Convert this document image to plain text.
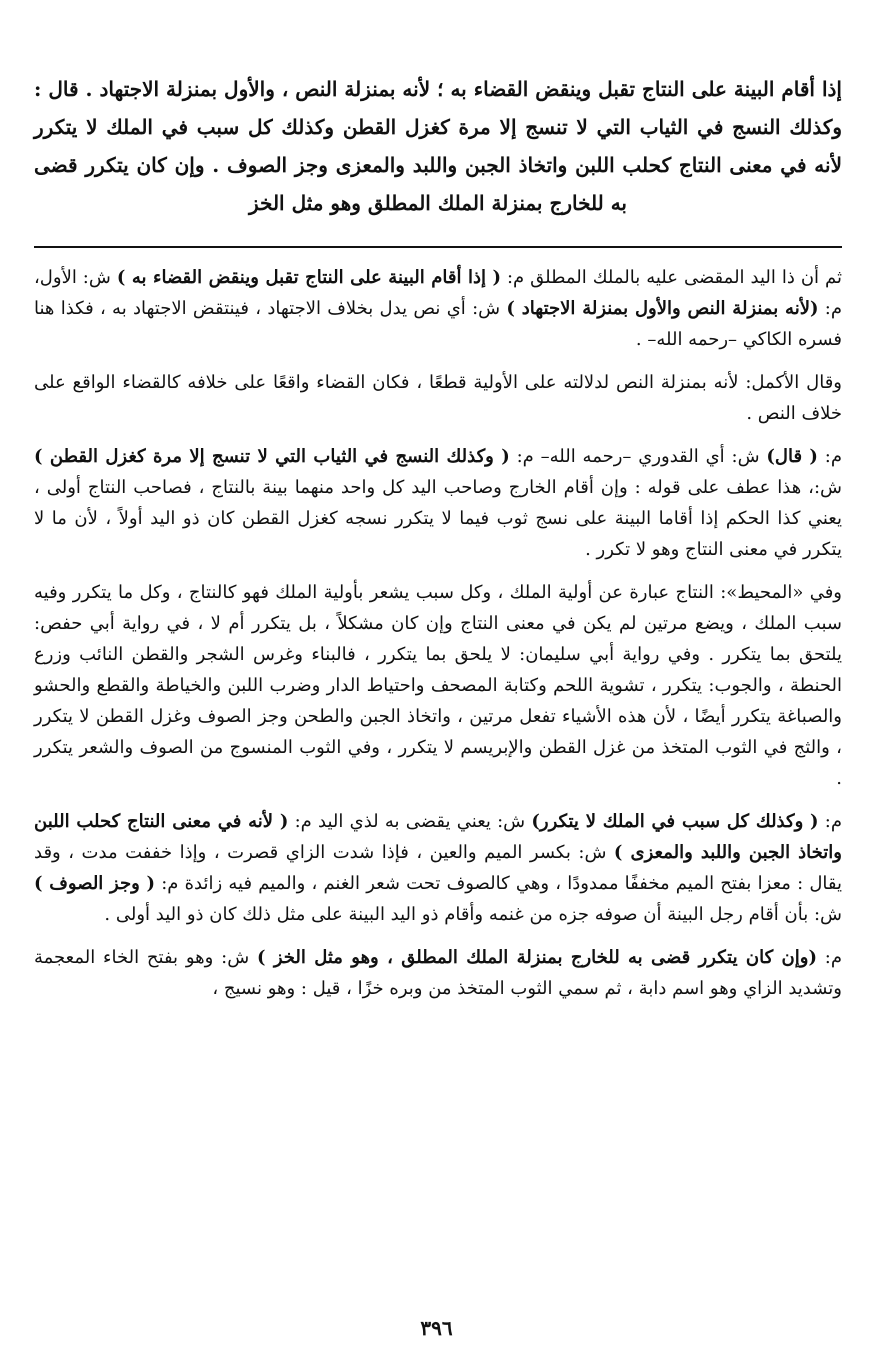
إذا أقام البينة على النتاج تقبل وينقض القضاء به ؛ لأنه بمنزلة النص ، والأول بمنزلة الاجتهاد . قال : وكذلك النسج في الثياب التي لا تنسج إلا مرة كغزل القطن وكذلك كل سبب في الملك لا يتكرر لأنه في معنى النتاج كحلب اللبن واتخاذ الجبن واللبد والمعزى وجز الصوف . وإن كان يتكرر قضى به للخارج بمنزلة الملك المطلق وهو مثل الخز

ثم أن ذا اليد المقضى عليه بالملك المطلق م: ( إذا أقام البينة على النتاج تقبل وينقض القضاء به ) ش: الأول، م: (لأنه بمنزلة النص والأول بمنزلة الاجتهاد ) ش: أي نص يدل بخلاف الاجتهاد ، فينتقض الاجتهاد به ، فكذا هنا فسره الكاكي –رحمه الله– .

وقال الأكمل: لأنه بمنزلة النص لدلالته على الأولية قطعًا ، فكان القضاء واقعًا على خلافه كالقضاء الواقع على خلاف النص .

م: ( قال) ش: أي القدوري –رحمه الله– م: ( وكذلك النسج في الثياب التي لا تنسج إلا مرة كغزل القطن ) ش:، هذا عطف على قوله : وإن أقام الخارج وصاحب اليد كل واحد منهما بينة بالنتاج ، فصاحب النتاج أولى ، يعني كذا الحكم إذا أقاما البينة على نسج ثوب فيما لا يتكرر نسجه كغزل القطن كان ذو اليد أولاً ، لأن ما لا يتكرر في معنى النتاج وهو لا تكرر .

وفي «المحيط»: النتاج عبارة عن أولية الملك ، وكل سبب يشعر بأولية الملك فهو كالنتاج ، وكل ما يتكرر وفيه سبب الملك ، ويضع مرتين لم يكن في معنى النتاج وإن كان مشكلاً ، بل يتكرر أم لا ، في رواية أبي حفص: يلتحق بما يتكرر . وفي رواية أبي سليمان: لا يلحق بما يتكرر ، فالبناء وغرس الشجر والقطن النائب وزرع الحنطة ، والجوب: يتكرر ، تشوية اللحم وكتابة المصحف واحتياط الدار وضرب اللبن والخياطة والقطع والحشو والصباغة يتكرر أيضًا ، لأن هذه الأشياء تفعل مرتين ، واتخاذ الجبن والطحن وجز الصوف وغزل القطن لا يتكرر ، والثج في الثوب المتخذ من غزل القطن والإبريسم لا يتكرر ، وفي الثوب المنسوج من الصوف والشعر يتكرر .

م: ( وكذلك كل سبب في الملك لا يتكرر) ش: يعني يقضى به لذي اليد م: ( لأنه في معنى النتاج كحلب اللبن واتخاذ الجبن واللبد والمعزى ) ش: بكسر الميم والعين ، فإذا شدت الزاي قصرت ، وإذا خففت مدت ، وقد يقال : معزا بفتح الميم مخففًا ممدودًا ، وهي كالصوف تحت شعر الغنم ، والميم فيه زائدة م: ( وجز الصوف ) ش: بأن أقام رجل البينة أن صوفه جزه من غنمه وأقام ذو اليد البينة على مثل ذلك كان ذو اليد أولى .

م: (وإن كان يتكرر قضى به للخارج بمنزلة الملك المطلق ، وهو مثل الخز ) ش: وهو بفتح الخاء المعجمة وتشديد الزاي وهو اسم دابة ، ثم سمي الثوب المتخذ من وبره خزًا ، قيل : وهو نسيج ،

٣٩٦
